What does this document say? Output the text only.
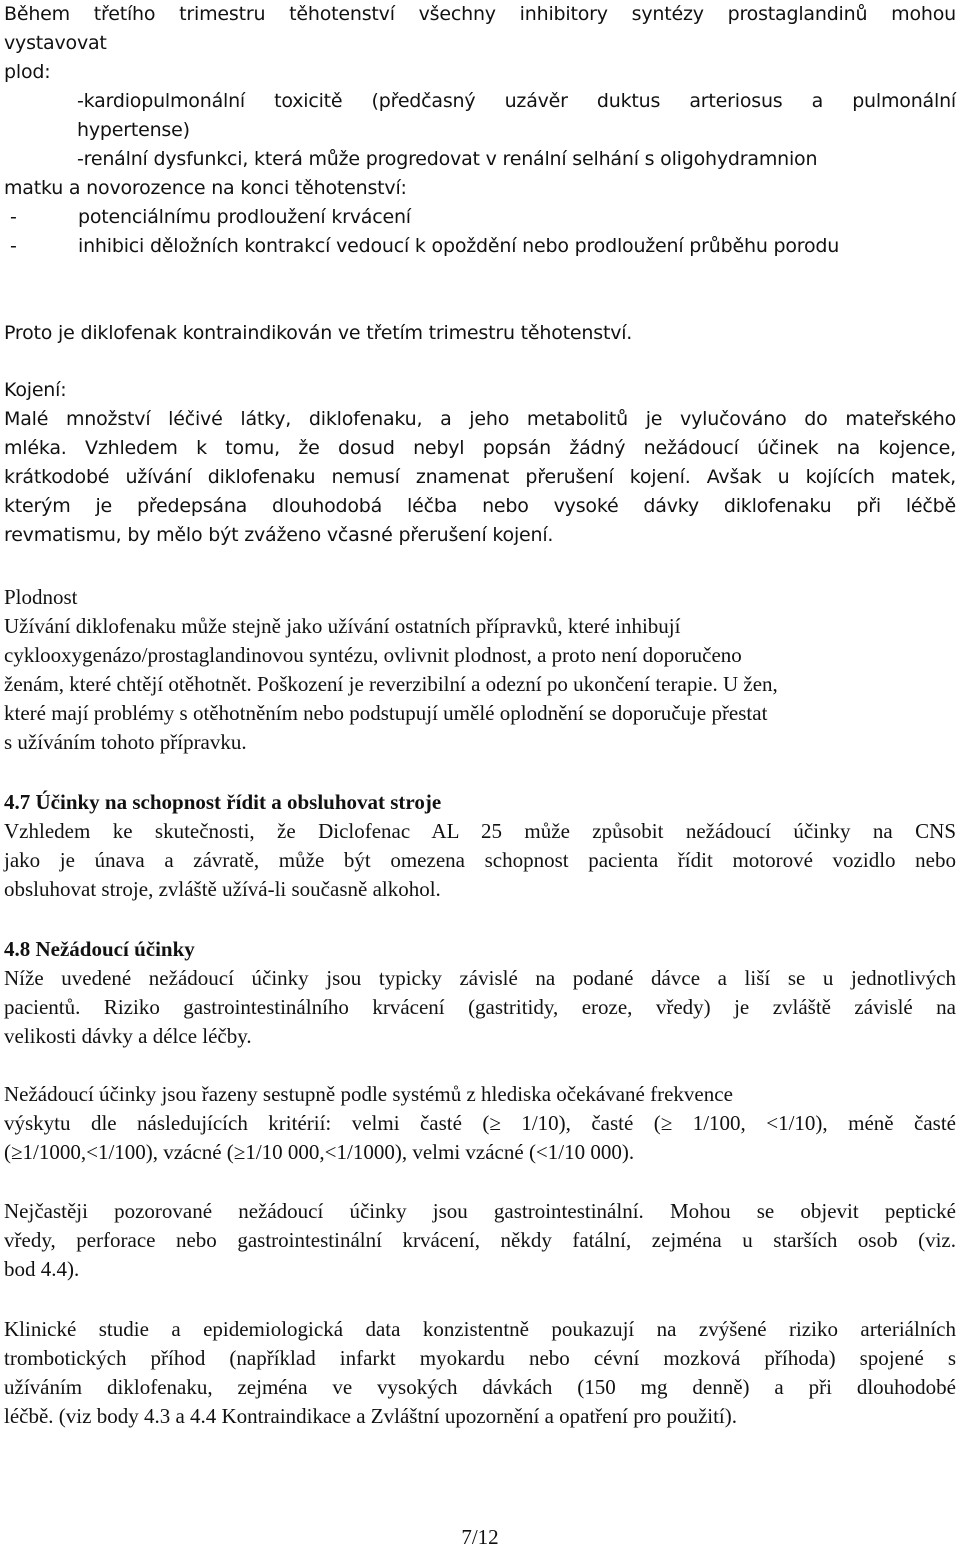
Během třetího trimestru těhotenství všechny inhibitory syntézy prostaglandinů mohou
vystavovat
plod:
-kardiopulmonální toxicitě (předčasný uzávěr duktus arteriosus a pulmonální
hypertense)
-renální dysfunkci, která může progredovat v renální selhání s oligohydramnion
matku a novorozence na konci těhotenství:
-	potenciálnímu prodloužení krvácení
-	inhibici děložních kontrakcí vedoucí k opoždění nebo prodloužení průběhu porodu
Proto je diklofenak kontraindikován ve třetím trimestru těhotenství.
Kojení:
Malé množství léčivé látky, diklofenaku, a jeho metabolitů je vylučováno do mateřského
mléka. Vzhledem k tomu, že dosud nebyl popsán žádný nežádoucí účinek na kojence,
krátkodobé užívání diklofenaku nemusí znamenat přerušení kojení. Avšak u kojících matek,
kterým je předepsána dlouhodobá léčba nebo vysoké dávky diklofenaku při léčbě
revmatismu, by mělo být zváženo včasné přerušení kojení.
Plodnost
Užívání diklofenaku může stejně jako užívání ostatních přípravků, které inhibují
cyklooxygenázo/prostaglandinovou syntézu, ovlivnit plodnost, a proto není doporučeno
ženám, které chtějí otěhotnět. Poškození je reverzibilní a odezní po ukončení terapie. U žen,
které mají problémy s otěhotněním nebo podstupují umělé oplodnění se doporučuje přestat
s užíváním tohoto přípravku.
4.7 Účinky na schopnost řídit a obsluhovat stroje
Vzhledem ke skutečnosti, že Diclofenac AL 25 může způsobit nežádoucí účinky na CNS
jako je únava a závratě, může být omezena schopnost pacienta řídit motorové vozidlo nebo
obsluhovat stroje, zvláště užívá-li současně alkohol.
4.8 Nežádoucí účinky
Níže uvedené nežádoucí účinky jsou typicky závislé na podané dávce a liší se u jednotlivých
pacientů. Riziko gastrointestinálního krvácení (gastritidy, eroze, vředy) je zvláště závislé na
velikosti dávky a délce léčby.
Nežádoucí účinky jsou řazeny sestupně podle systémů z hlediska očekávané frekvence
výskytu dle následujících kritérií: velmi časté (≥ 1/10), časté (≥ 1/100, <1/10), méně časté
(≥1/1000,<1/100), vzácné (≥1/10 000,<1/1000), velmi vzácné (<1/10 000).
Nejčastěji pozorované nežádoucí účinky jsou gastrointestinální. Mohou se objevit peptické
vředy, perforace nebo gastrointestinální krvácení, někdy fatální, zejména u starších osob (viz.
bod 4.4).
Klinické studie a epidemiologická data konzistentně poukazují na zvýšené riziko arteriálních
trombotických příhod (například infarkt myokardu nebo cévní mozková příhoda) spojené s
užíváním diklofenaku, zejména ve vysokých dávkách (150 mg denně) a při dlouhodobé
léčbě. (viz body 4.3 a 4.4 Kontraindikace a Zvláštní upozornění a opatření pro použití).
7/12
